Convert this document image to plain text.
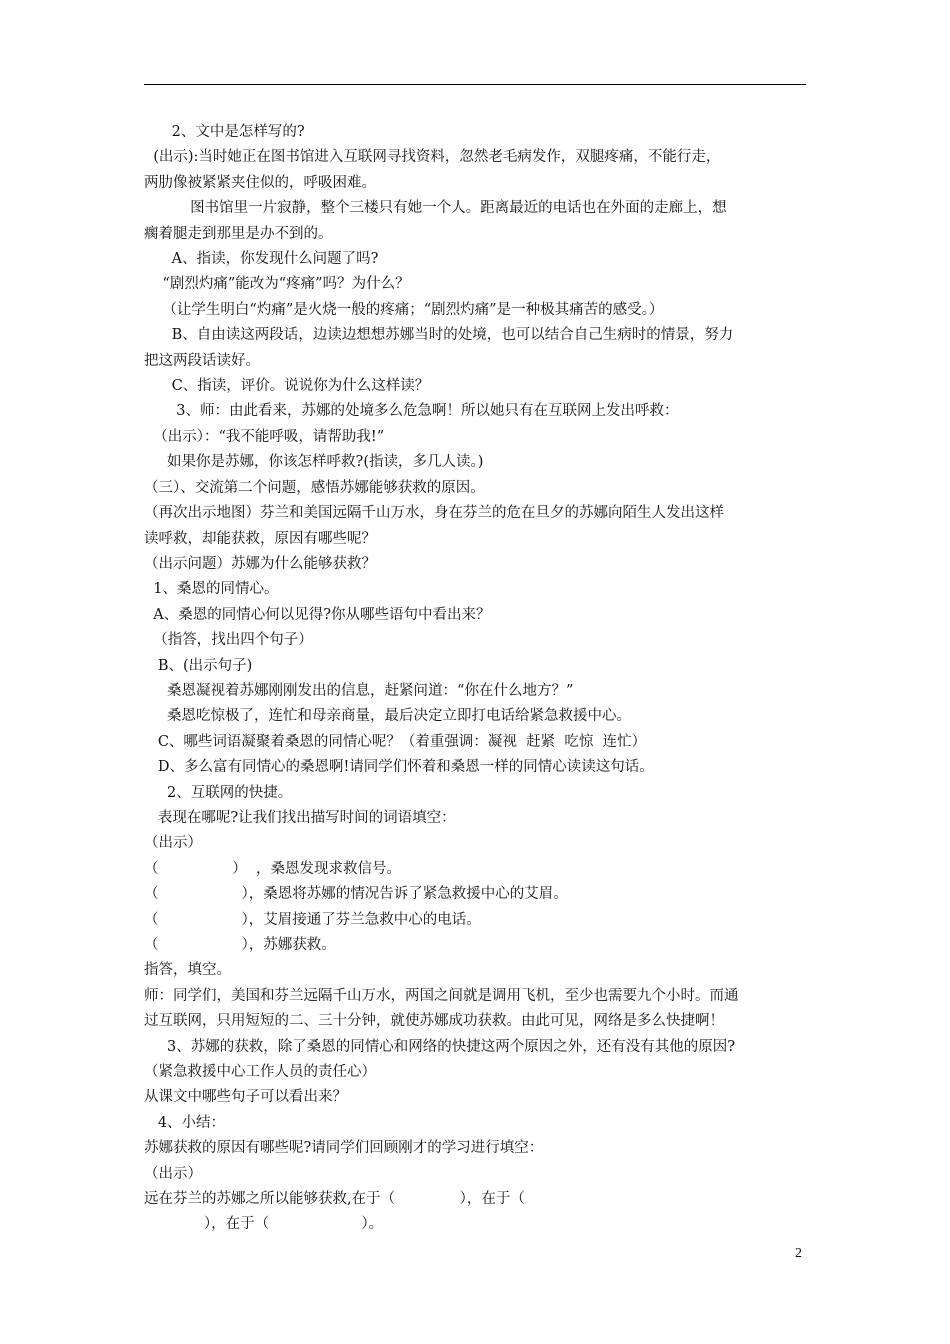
2、文中是怎样写的?
(出示):当时她正在图书馆进入互联网寻找资料，忽然老毛病发作，双腿疼痛，不能行走，
两肋像被紧紧夹住似的，呼吸困难。
图书馆里一片寂静，整个三楼只有她一个人。距离最近的电话也在外面的走廊上，想
瘸着腿走到那里是办不到的。
A、指读，你发现什么问题了吗?
“剧烈灼痛”能改为“疼痛”吗？为什么？
（让学生明白“灼痛”是火烧一般的疼痛；“剧烈灼痛”是一种极其痛苦的感受。）
B、自由读这两段话，边读边想想苏娜当时的处境，也可以结合自己生病时的情景，努力
把这两段话读好。
C、指读，评价。说说你为什么这样读？
3、师：由此看来，苏娜的处境多么危急啊！所以她只有在互联网上发出呼救：
（出示）：“我不能呼吸，请帮助我!”
如果你是苏娜，你该怎样呼救?(指读，多几人读。)
（三）、交流第二个问题，感悟苏娜能够获救的原因。
（再次出示地图）芬兰和美国远隔千山万水，身在芬兰的危在旦夕的苏娜向陌生人发出这样
读呼救，却能获救，原因有哪些呢？
（出示问题）苏娜为什么能够获救？
1、桑恩的同情心。
A、桑恩的同情心何以见得?你从哪些语句中看出来？
（指答，找出四个句子）
B、(出示句子)
桑恩凝视着苏娜刚刚发出的信息，赶紧问道：“你在什么地方？”
桑恩吃惊极了，连忙和母亲商量，最后决定立即打电话给紧急救援中心。
C、哪些词语凝聚着桑恩的同情心呢？（着重强调：凝视  赶紧  吃惊  连忙）
D、多么富有同情心的桑恩啊!请同学们怀着和桑恩一样的同情心读读这句话。
2、互联网的快捷。
表现在哪呢?让我们找出描写时间的词语填空：
（出示）
（                ）  ，桑恩发现求救信号。
（                  ），桑恩将苏娜的情况告诉了紧急救援中心的艾眉。
（                  ），艾眉接通了芬兰急救中心的电话。
（                  ），苏娜获救。
指答，填空。
师：同学们，美国和芬兰远隔千山万水，两国之间就是调用飞机，至少也需要九个小时。而通
过互联网，只用短短的二、三十分钟，就使苏娜成功获救。由此可见，网络是多么快捷啊！
3、苏娜的获救，除了桑恩的同情心和网络的快捷这两个原因之外，还有没有其他的原因?
（紧急救援中心工作人员的责任心）
从课文中哪些句子可以看出来？
4、小结：
苏娜获救的原因有哪些呢?请同学们回顾刚才的学习进行填空：
（出示）
远在芬兰的苏娜之所以能够获救,在于（              ），在于（
），在于（                    ）。
2
